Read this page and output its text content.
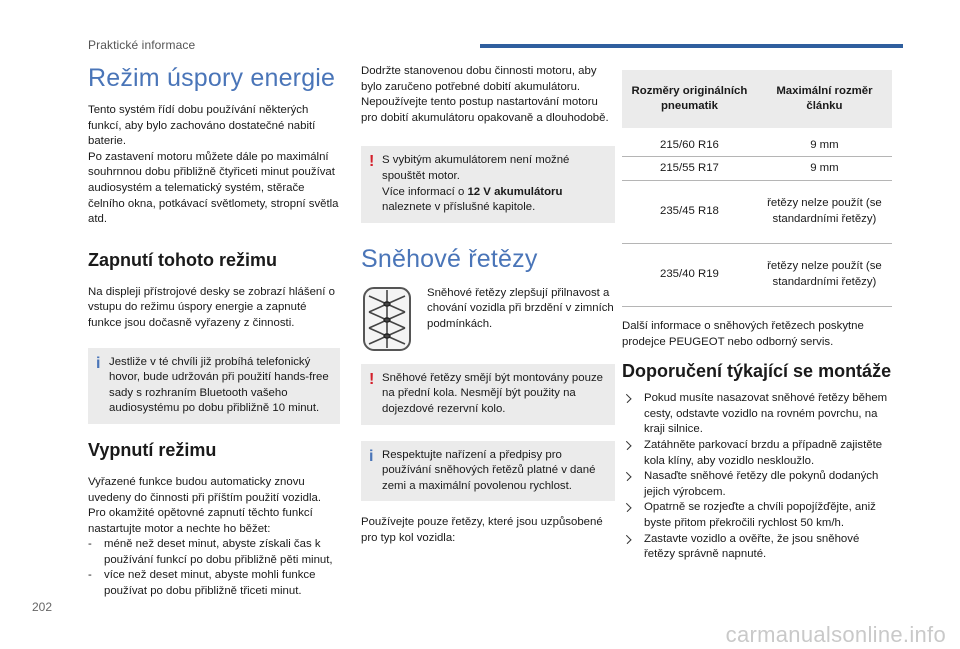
Praktické informace
Režim úspory energie

Tento systém řídí dobu používání některých funkcí, aby bylo zachováno dostatečné nabití baterie.

Po zastavení motoru můžete dále po maximální souhrnnou dobu přibližně čtyřiceti minut používat audiosystém a telematický systém, stěrače čelního okna, potkávací světlomety, stropní světla atd.

Zapnutí tohoto režimu

Na displeji přístrojové desky se zobrazí hlášení o vstupu do režimu úspory energie a zapnuté funkce jsou dočasně vyřazeny z činnosti.

i Jestliže v té chvíli již probíhá telefonický hovor, bude udržován při použití hands-free sady s rozhraním Bluetooth vašeho audiosystému po dobu přibližně 10 minut.
Vypnutí režimu

Vyřazené funkce budou automaticky znovu uvedeny do činnosti při příštím použití vozidla.

Pro okamžité opětovné zapnutí těchto funkcí nastartujte motor a nechte ho běžet:

- méně než deset minut, abyste získali čas k používání funkcí po dobu přibližně pěti minut,
- více než deset minut, abyste mohli funkce používat po dobu přibližně třiceti minut.

Dodržte stanovenou dobu činnosti motoru, aby bylo zaručeno potřebné dobití akumulátoru. Nepoužívejte tento postup nastartování motoru pro dobití akumulátoru opakovaně a dlouhodobě.

! S vybitým akumulátorem není možné spouštět motor.
Více informací o 12 V akumulátoru naleznete v příslušné kapitole.
Sněhové řetězy
Sněhové řetězy zlepšují přilnavost a chování vozidla při brzdění v zimních podmínkách.
! Sněhové řetězy smějí být montovány pouze na přední kola. Nesmějí být použity na dojezdové rezervní kolo.
i Respektujte nařízení a předpisy pro používání sněhových řetězů platné v dané zemi a maximální povolenou rychlost.

Používejte pouze řetězy, které jsou uzpůsobené pro typ kol vozidla:

Rozměry originálních pneumatik	Maximální rozměr článku

215/60 R16	9 mm
215/55 R17	9 mm
235/45 R18	řetězy nelze použít (se standardními řetězy)
235/40 R19	řetězy nelze použít (se standardními řetězy)

Další informace o sněhových řetězech poskytne prodejce PEUGEOT nebo odborný servis.

Doporučení týkající se montáže
Pokud musíte nasazovat sněhové řetězy během cesty, odstavte vozidlo na rovném povrchu, na kraji silnice.
Zatáhněte parkovací brzdu a případně zajistěte kola klíny, aby vozidlo neskloužlo.
Nasaďte sněhové řetězy dle pokynů dodaných jejich výrobcem.
Opatrně se rozjeďte a chvíli popojížďějte, aniž byste přitom překročili rychlost 50 km/h.
Zastavte vozidlo a ověřte, že jsou sněhové řetězy správně napnuté.
202
carmanualsonline.info
